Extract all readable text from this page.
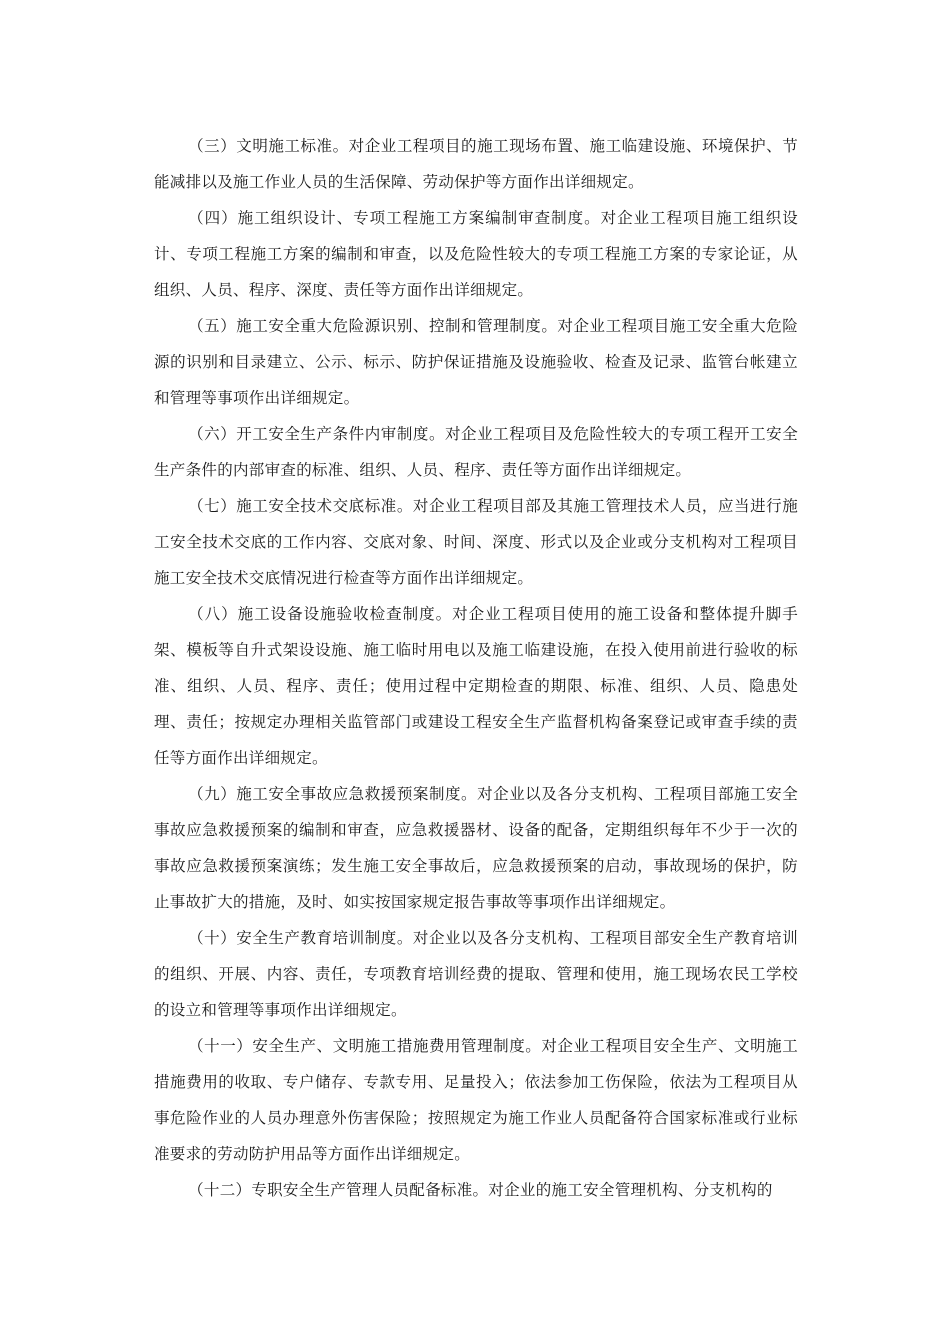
（三）文明施工标准。对企业工程项目的施工现场布置、施工临建设施、环境保护、节能减排以及施工作业人员的生活保障、劳动保护等方面作出详细规定。

（四）施工组织设计、专项工程施工方案编制审查制度。对企业工程项目施工组织设计、专项工程施工方案的编制和审查，以及危险性较大的专项工程施工方案的专家论证，从组织、人员、程序、深度、责任等方面作出详细规定。

（五）施工安全重大危险源识别、控制和管理制度。对企业工程项目施工安全重大危险源的识别和目录建立、公示、标示、防护保证措施及设施验收、检查及记录、监管台帐建立和管理等事项作出详细规定。

（六）开工安全生产条件内审制度。对企业工程项目及危险性较大的专项工程开工安全生产条件的内部审查的标准、组织、人员、程序、责任等方面作出详细规定。

（七）施工安全技术交底标准。对企业工程项目部及其施工管理技术人员，应当进行施工安全技术交底的工作内容、交底对象、时间、深度、形式以及企业或分支机构对工程项目施工安全技术交底情况进行检查等方面作出详细规定。

（八）施工设备设施验收检查制度。对企业工程项目使用的施工设备和整体提升脚手架、模板等自升式架设设施、施工临时用电以及施工临建设施，在投入使用前进行验收的标准、组织、人员、程序、责任；使用过程中定期检查的期限、标准、组织、人员、隐患处理、责任；按规定办理相关监管部门或建设工程安全生产监督机构备案登记或审查手续的责任等方面作出详细规定。

（九）施工安全事故应急救援预案制度。对企业以及各分支机构、工程项目部施工安全事故应急救援预案的编制和审查，应急救援器材、设备的配备，定期组织每年不少于一次的事故应急救援预案演练；发生施工安全事故后，应急救援预案的启动，事故现场的保护，防止事故扩大的措施，及时、如实按国家规定报告事故等事项作出详细规定。

（十）安全生产教育培训制度。对企业以及各分支机构、工程项目部安全生产教育培训的组织、开展、内容、责任，专项教育培训经费的提取、管理和使用，施工现场农民工学校的设立和管理等事项作出详细规定。

（十一）安全生产、文明施工措施费用管理制度。对企业工程项目安全生产、文明施工措施费用的收取、专户储存、专款专用、足量投入；依法参加工伤保险，依法为工程项目从事危险作业的人员办理意外伤害保险；按照规定为施工作业人员配备符合国家标准或行业标准要求的劳动防护用品等方面作出详细规定。

（十二）专职安全生产管理人员配备标准。对企业的施工安全管理机构、分支机构的
